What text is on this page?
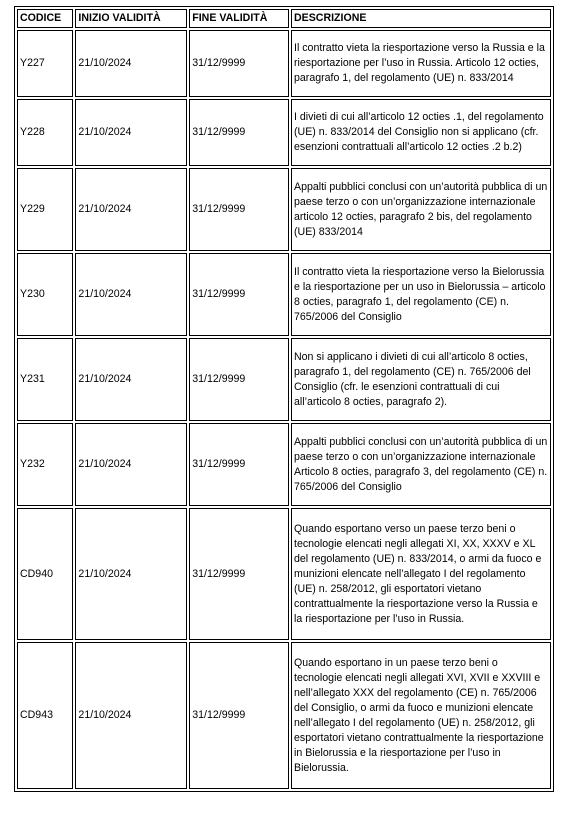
CODICE	INIZIO VALIDITÀ	FINE VALIDITÀ	DESCRIZIONE
Y227	21/10/2024	31/12/9999	Il contratto vieta la riesportazione verso la Russia e la riesportazione per l’uso in Russia. Articolo 12 octies, paragrafo 1, del regolamento (UE) n. 833/2014
Y228	21/10/2024	31/12/9999	I divieti di cui all’articolo 12 octies .1, del regolamento (UE) n. 833/2014 del Consiglio non si applicano (cfr. esenzioni contrattuali all’articolo 12 octies .2 b.2)
Y229	21/10/2024	31/12/9999	Appalti pubblici conclusi con un’autorità pubblica di un paese terzo o con un’organizzazione internazionale articolo 12 octies, paragrafo 2 bis, del regolamento (UE) 833/2014
Y230	21/10/2024	31/12/9999	Il contratto vieta la riesportazione verso la Bielorussia e la riesportazione per un uso in Bielorussia – articolo 8 octies, paragrafo 1, del regolamento (CE) n. 765/2006 del Consiglio
Y231	21/10/2024	31/12/9999	Non si applicano i divieti di cui all’articolo 8 octies, paragrafo 1, del regolamento (CE) n. 765/2006 del Consiglio (cfr. le esenzioni contrattuali di cui all’articolo 8 octies, paragrafo 2).
Y232	21/10/2024	31/12/9999	Appalti pubblici conclusi con un’autorità pubblica di un paese terzo o con un’organizzazione internazionale Articolo 8 octies, paragrafo 3, del regolamento (CE) n. 765/2006 del Consiglio
CD940	21/10/2024	31/12/9999	Quando esportano verso un paese terzo beni o tecnologie elencati negli allegati XI, XX, XXXV e XL del regolamento (UE) n. 833/2014, o armi da fuoco e munizioni elencate nell’allegato I del regolamento (UE) n. 258/2012, gli esportatori vietano contrattualmente la riesportazione verso la Russia e la riesportazione per l’uso in Russia.
CD943	21/10/2024	31/12/9999	Quando esportano in un paese terzo beni o tecnologie elencati negli allegati XVI, XVII e XXVIII e nell’allegato XXX del regolamento (CE) n. 765/2006 del Consiglio, o armi da fuoco e munizioni elencate nell’allegato I del regolamento (UE) n. 258/2012, gli esportatori vietano contrattualmente la riesportazione in Bielorussia e la riesportazione per l’uso in Bielorussia.
